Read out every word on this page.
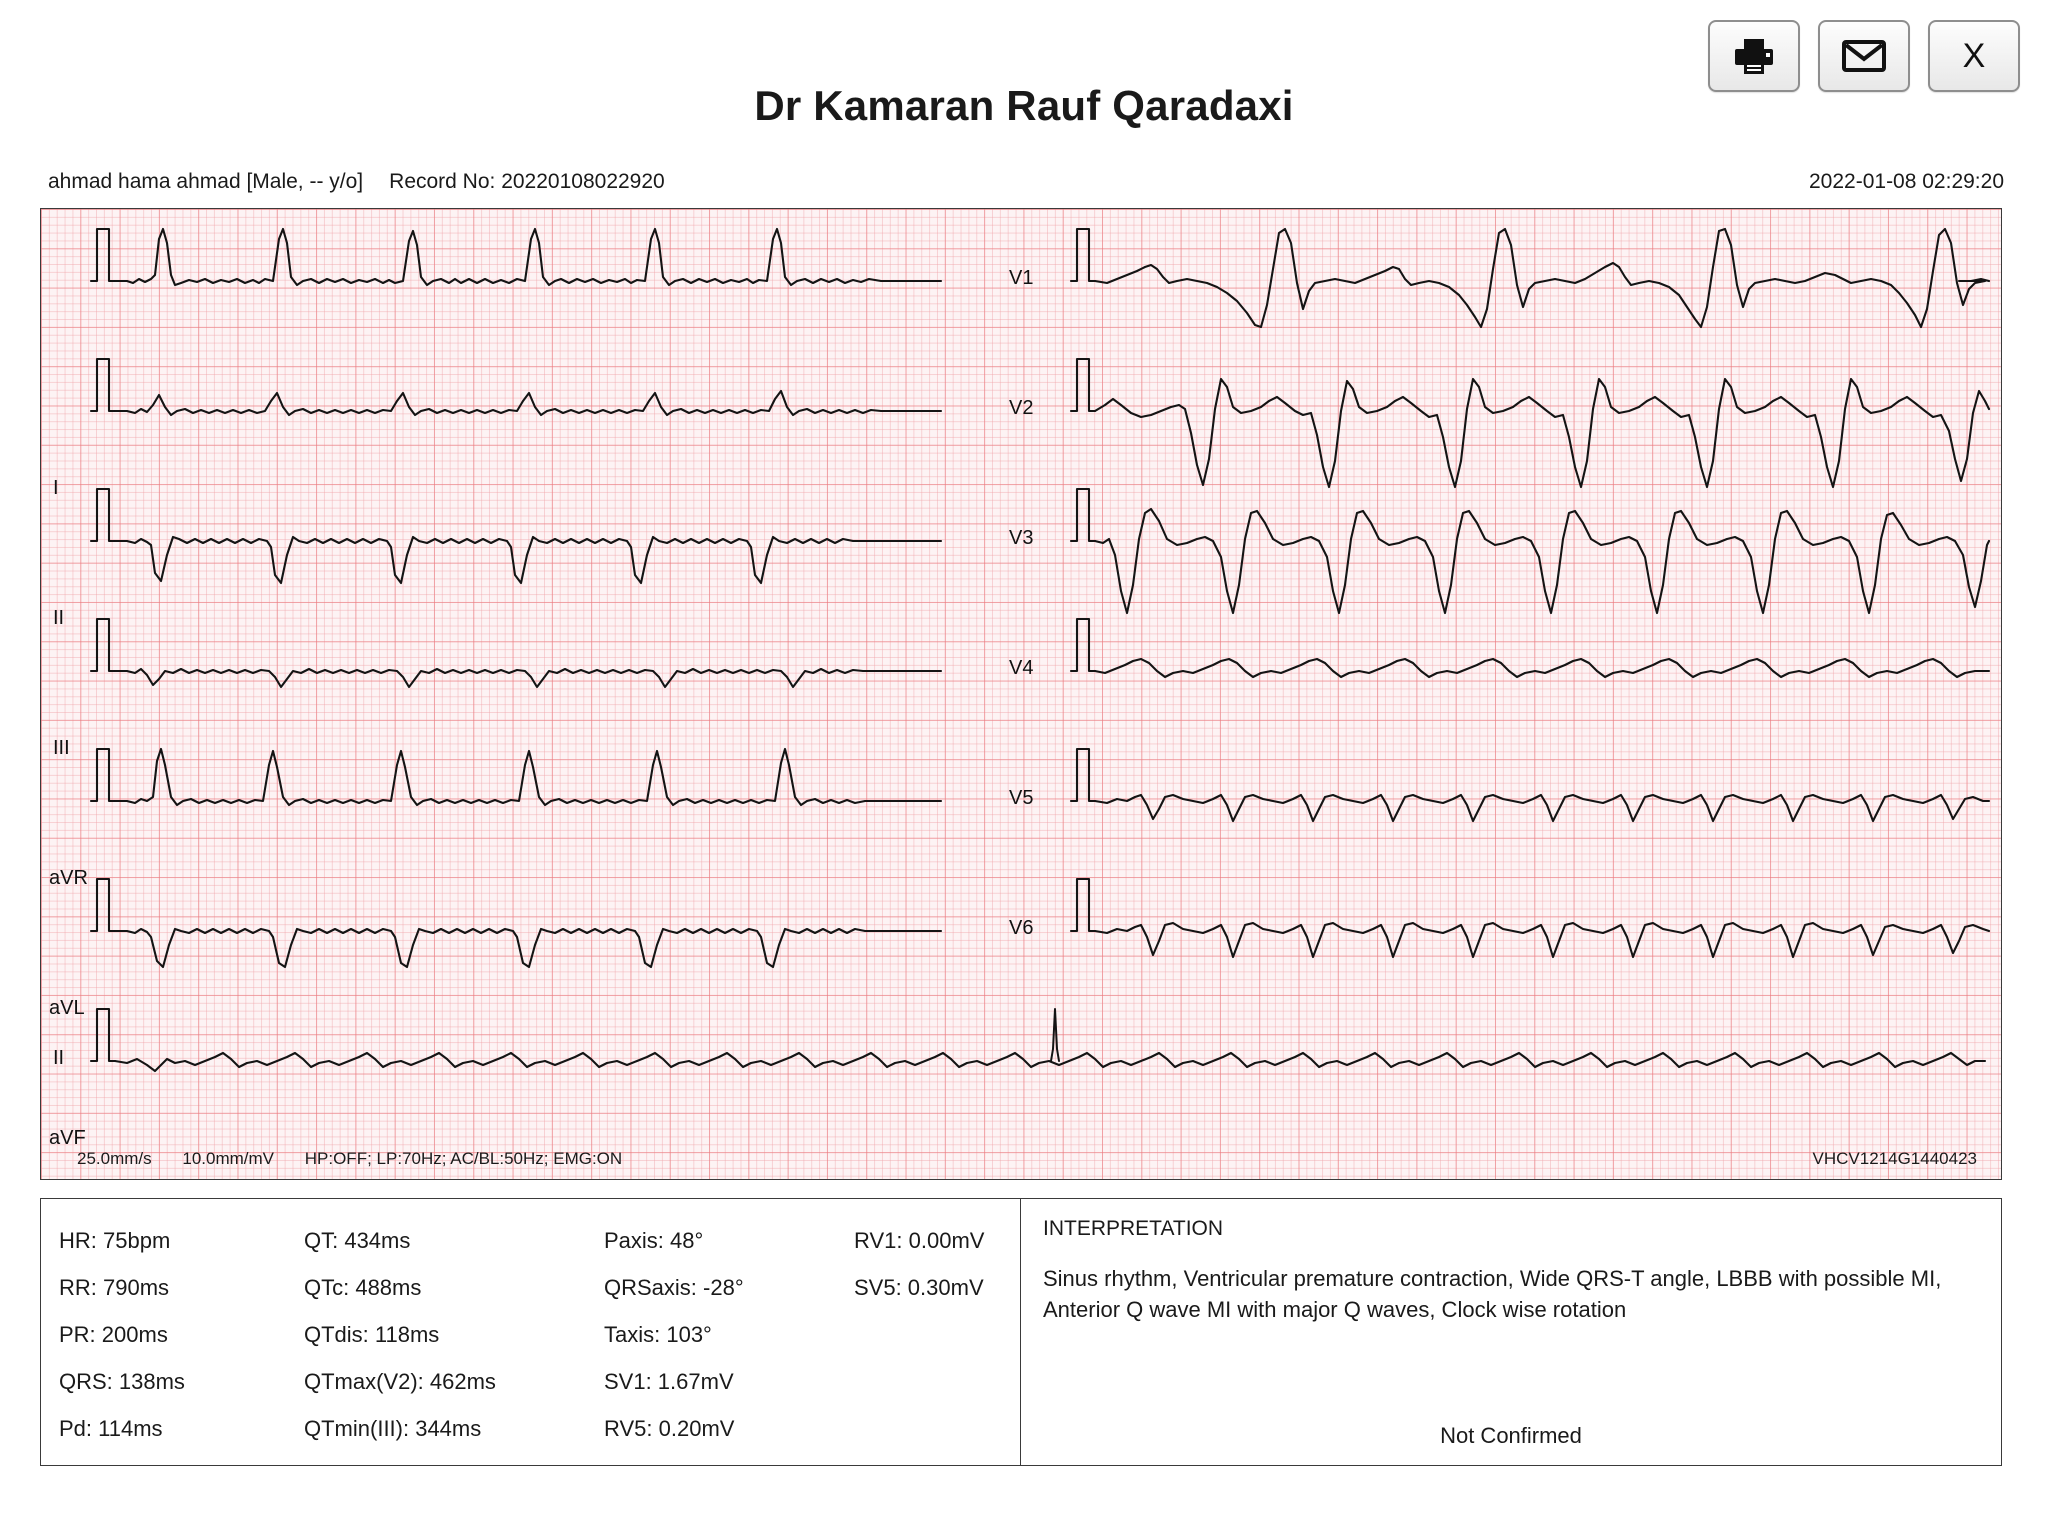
X
Dr Kamaran Rauf Qaradaxi
ahmad hama ahmad [Male, -- y/o] Record No: 20220108022920	2022-01-08 02:29:20
I
II
III
aVR
aVL
aVF
V1
V2
V3
V4
V5
V6
II
25.0mm/s 10.0mm/mV HP:OFF; LP:70Hz; AC/BL:50Hz; EMG:ON	VHCV1214G1440423
HR: 75bpm	QT: 434ms	Paxis: 48°	RV1: 0.00mV
RR: 790ms	QTc: 488ms	QRSaxis: -28°	SV5: 0.30mV
PR: 200ms	QTdis: 118ms	Taxis: 103°
QRS: 138ms	QTmax(V2): 462ms	SV1: 1.67mV
Pd: 114ms	QTmin(III): 344ms	RV5: 0.20mV
INTERPRETATION
Sinus rhythm, Ventricular premature contraction, Wide QRS-T angle, LBBB with possible MI, Anterior Q wave MI with major Q waves, Clock wise rotation
Not Confirmed
